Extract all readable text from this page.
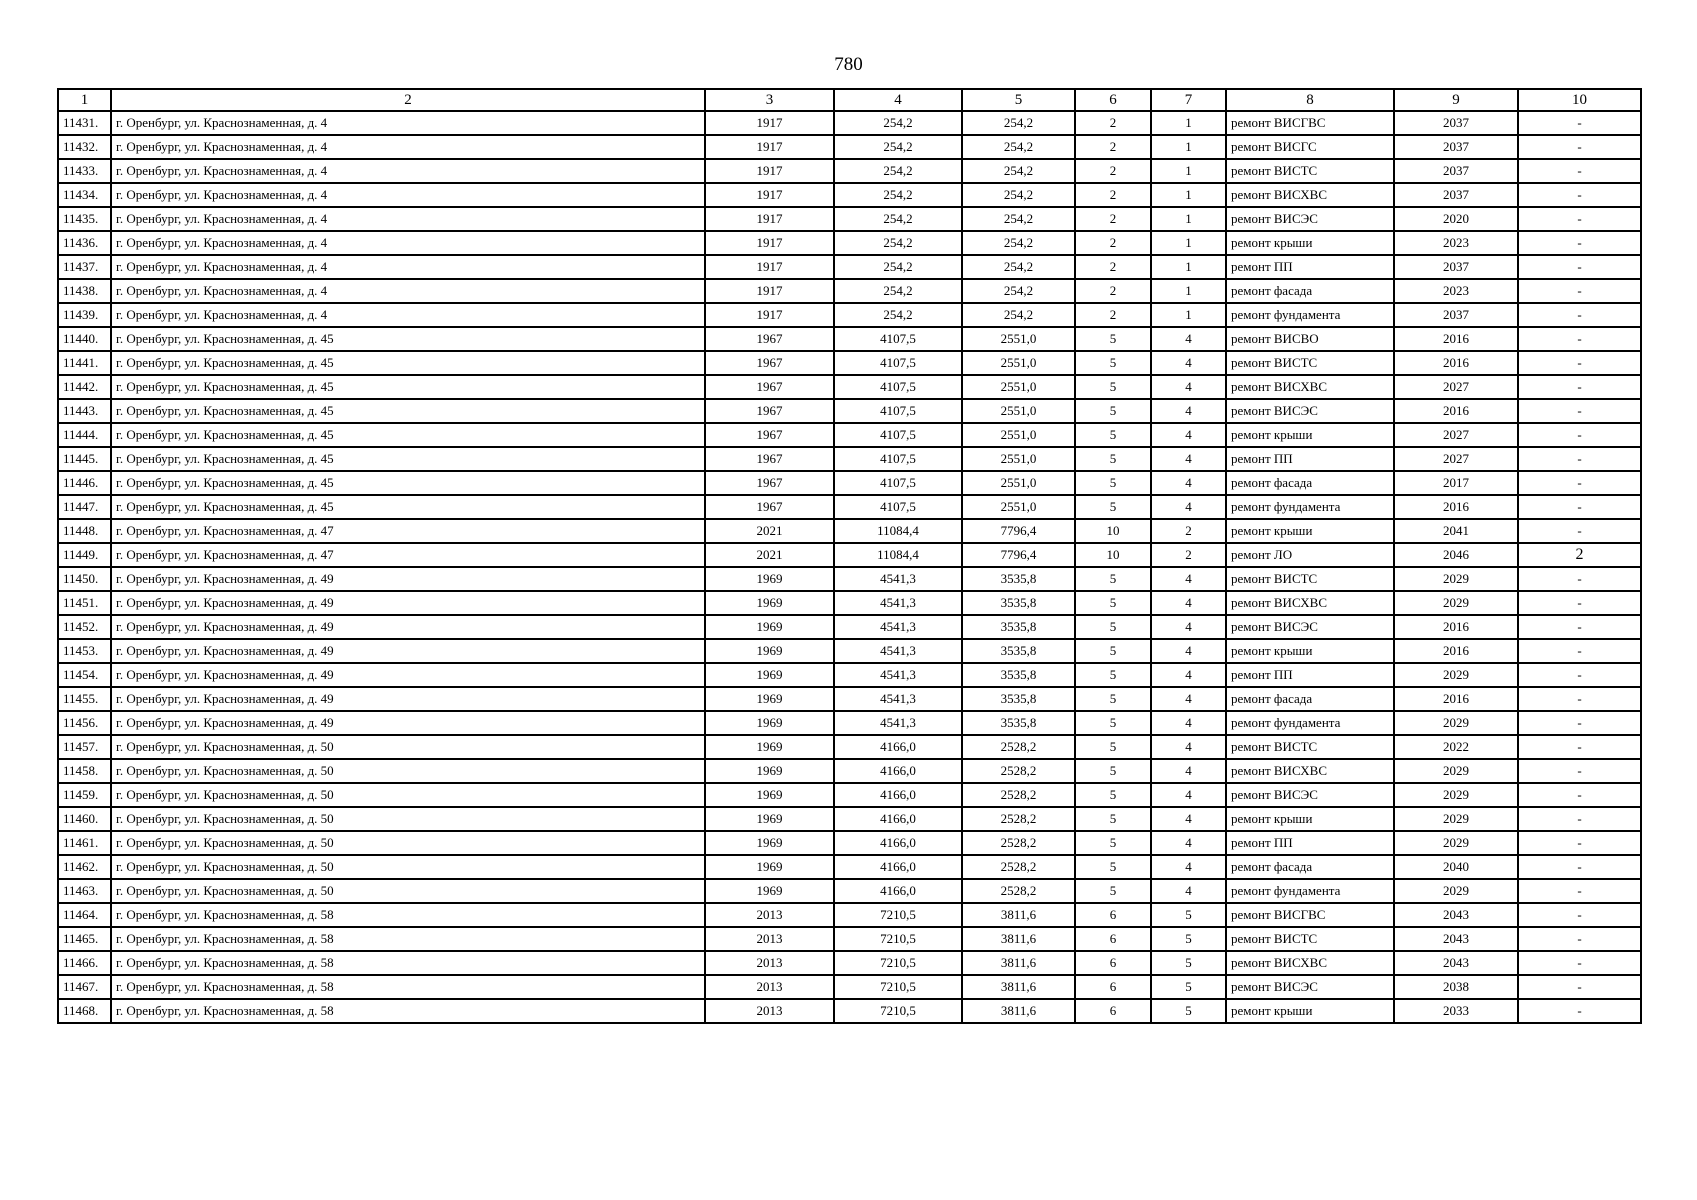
780
1	2	3	4	5	6	7	8	9	10
11431.	г. Оренбург, ул. Краснознаменная, д. 4	1917	254,2	254,2	2	1	ремонт ВИСГВС	2037	-
11432.	г. Оренбург, ул. Краснознаменная, д. 4	1917	254,2	254,2	2	1	ремонт ВИСГС	2037	-
11433.	г. Оренбург, ул. Краснознаменная, д. 4	1917	254,2	254,2	2	1	ремонт ВИСТС	2037	-
11434.	г. Оренбург, ул. Краснознаменная, д. 4	1917	254,2	254,2	2	1	ремонт ВИСХВС	2037	-
11435.	г. Оренбург, ул. Краснознаменная, д. 4	1917	254,2	254,2	2	1	ремонт ВИСЭС	2020	-
11436.	г. Оренбург, ул. Краснознаменная, д. 4	1917	254,2	254,2	2	1	ремонт крыши	2023	-
11437.	г. Оренбург, ул. Краснознаменная, д. 4	1917	254,2	254,2	2	1	ремонт ПП	2037	-
11438.	г. Оренбург, ул. Краснознаменная, д. 4	1917	254,2	254,2	2	1	ремонт фасада	2023	-
11439.	г. Оренбург, ул. Краснознаменная, д. 4	1917	254,2	254,2	2	1	ремонт фундамента	2037	-
11440.	г. Оренбург, ул. Краснознаменная, д. 45	1967	4107,5	2551,0	5	4	ремонт ВИСВО	2016	-
11441.	г. Оренбург, ул. Краснознаменная, д. 45	1967	4107,5	2551,0	5	4	ремонт ВИСТС	2016	-
11442.	г. Оренбург, ул. Краснознаменная, д. 45	1967	4107,5	2551,0	5	4	ремонт ВИСХВС	2027	-
11443.	г. Оренбург, ул. Краснознаменная, д. 45	1967	4107,5	2551,0	5	4	ремонт ВИСЭС	2016	-
11444.	г. Оренбург, ул. Краснознаменная, д. 45	1967	4107,5	2551,0	5	4	ремонт крыши	2027	-
11445.	г. Оренбург, ул. Краснознаменная, д. 45	1967	4107,5	2551,0	5	4	ремонт ПП	2027	-
11446.	г. Оренбург, ул. Краснознаменная, д. 45	1967	4107,5	2551,0	5	4	ремонт фасада	2017	-
11447.	г. Оренбург, ул. Краснознаменная, д. 45	1967	4107,5	2551,0	5	4	ремонт фундамента	2016	-
11448.	г. Оренбург, ул. Краснознаменная, д. 47	2021	11084,4	7796,4	10	2	ремонт крыши	2041	-
11449.	г. Оренбург, ул. Краснознаменная, д. 47	2021	11084,4	7796,4	10	2	ремонт ЛО	2046	2
11450.	г. Оренбург, ул. Краснознаменная, д. 49	1969	4541,3	3535,8	5	4	ремонт ВИСТС	2029	-
11451.	г. Оренбург, ул. Краснознаменная, д. 49	1969	4541,3	3535,8	5	4	ремонт ВИСХВС	2029	-
11452.	г. Оренбург, ул. Краснознаменная, д. 49	1969	4541,3	3535,8	5	4	ремонт ВИСЭС	2016	-
11453.	г. Оренбург, ул. Краснознаменная, д. 49	1969	4541,3	3535,8	5	4	ремонт крыши	2016	-
11454.	г. Оренбург, ул. Краснознаменная, д. 49	1969	4541,3	3535,8	5	4	ремонт ПП	2029	-
11455.	г. Оренбург, ул. Краснознаменная, д. 49	1969	4541,3	3535,8	5	4	ремонт фасада	2016	-
11456.	г. Оренбург, ул. Краснознаменная, д. 49	1969	4541,3	3535,8	5	4	ремонт фундамента	2029	-
11457.	г. Оренбург, ул. Краснознаменная, д. 50	1969	4166,0	2528,2	5	4	ремонт ВИСТС	2022	-
11458.	г. Оренбург, ул. Краснознаменная, д. 50	1969	4166,0	2528,2	5	4	ремонт ВИСХВС	2029	-
11459.	г. Оренбург, ул. Краснознаменная, д. 50	1969	4166,0	2528,2	5	4	ремонт ВИСЭС	2029	-
11460.	г. Оренбург, ул. Краснознаменная, д. 50	1969	4166,0	2528,2	5	4	ремонт крыши	2029	-
11461.	г. Оренбург, ул. Краснознаменная, д. 50	1969	4166,0	2528,2	5	4	ремонт ПП	2029	-
11462.	г. Оренбург, ул. Краснознаменная, д. 50	1969	4166,0	2528,2	5	4	ремонт фасада	2040	-
11463.	г. Оренбург, ул. Краснознаменная, д. 50	1969	4166,0	2528,2	5	4	ремонт фундамента	2029	-
11464.	г. Оренбург, ул. Краснознаменная, д. 58	2013	7210,5	3811,6	6	5	ремонт ВИСГВС	2043	-
11465.	г. Оренбург, ул. Краснознаменная, д. 58	2013	7210,5	3811,6	6	5	ремонт ВИСТС	2043	-
11466.	г. Оренбург, ул. Краснознаменная, д. 58	2013	7210,5	3811,6	6	5	ремонт ВИСХВС	2043	-
11467.	г. Оренбург, ул. Краснознаменная, д. 58	2013	7210,5	3811,6	6	5	ремонт ВИСЭС	2038	-
11468.	г. Оренбург, ул. Краснознаменная, д. 58	2013	7210,5	3811,6	6	5	ремонт крыши	2033	-
